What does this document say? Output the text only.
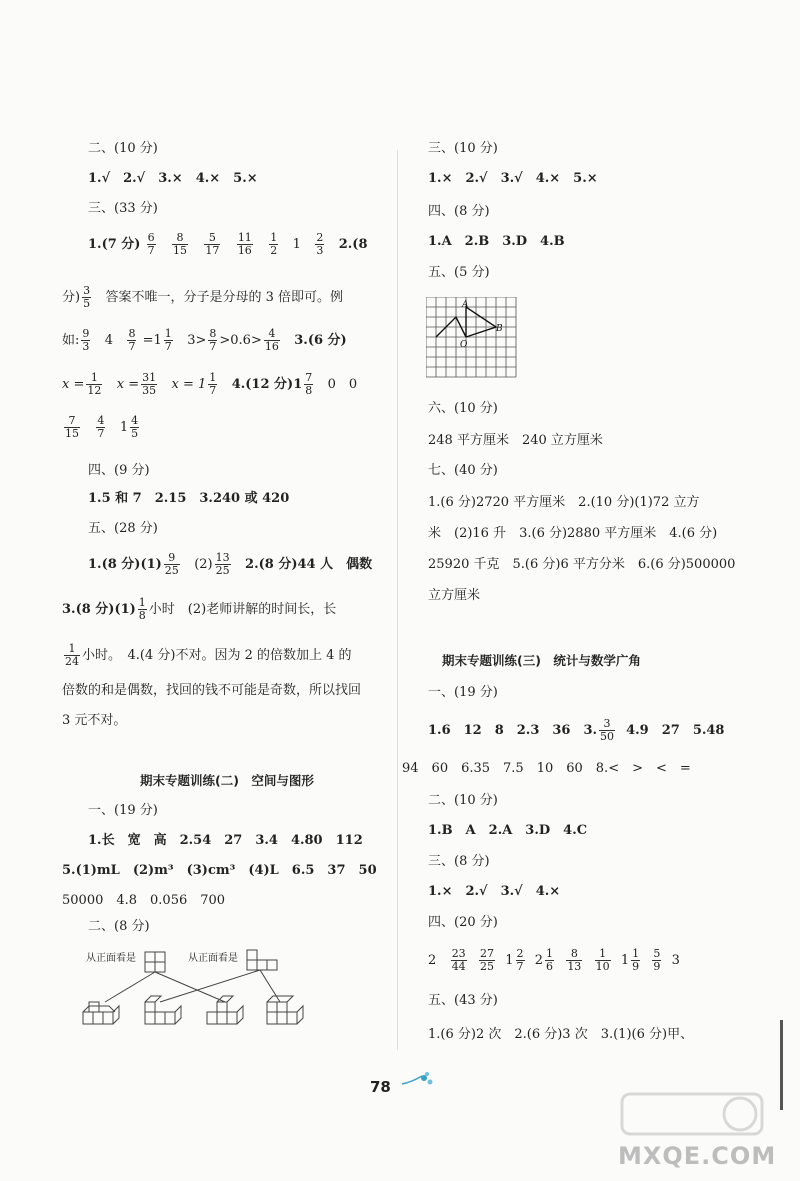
二、(10 分)
1.√　2.√　3.×　4.×　5.×
三、(33 分)
1.(7 分) $\frac{6}{7}$
$\frac{8}{15}$
$\frac{5}{17}$
$\frac{11}{16}$
$\frac{1}{2} 1 \frac{2}{3} 2.(8$
分) $\frac{3}{5}$ 答案不唯一，分子是分母的 3 倍即可。例
如: $\frac{9}{3} 4 \frac{8}{7} =1 \frac{1}{7} 3> \frac{8}{7} >0.6> \frac{4}{16} 3.(6$ 分)
$x = \frac{1}{12}$ $x = \frac{31}{35}$ $x = 1 \frac{1}{7} 4.(12$ 分)$1 \frac{7}{8} 0$　0
$\frac{7}{15}$
$\frac{4}{7} 1 \frac{4}{5}$
四、(9 分)
1.5 和 7　2.15　3.240 或 420
五、(28 分)
1.(8 分)$(1) \frac{9}{25} (2) \frac{13}{25} 2.(8$ 分)44 人　偶数
3.(8 分)$(1) \frac{1}{8}$ 小时　(2)老师讲解的时间长，长
$\frac{1}{24}$ 小时。　4.(4 分)不对。因为 2 的倍数加上 4 的
倍数的和是偶数，找回的钱不可能是奇数，所以找回
3 元不对。
期末专题训练(二)　空间与图形
一、(19 分)
1.长　宽　高　2.54　27　3.4　4.80　112
5.(1)mL　(2)m³　(3)cm³　(4)L　6.5　37　50
50000　4.8　0.056　700
二、(8 分)
从正面看是	从正面看是
三、(10 分)
1.×　2.√　3.√　4.×　5.×
四、(8 分)
1.A　2.B　3.D　4.B
五、(5 分)
A
B
O
六、(10 分)
248 平方厘米　240 立方厘米
七、(40 分)
1.(6 分)2720 平方厘米　2.(10 分)(1)72 立方
米　(2)16 升　3.(6 分)2880 平方厘米　4.(6 分)
25920 千克　5.(6 分)6 平方分米　6.(6 分)500000
立方厘米
期末专题训练(三)　统计与数学广角
一、(19 分)
1.6　12　8　2.3　36　3. $\frac{3}{50} 4.9$　27　5.48
94　60　6.35　7.5　10　60　8.<　>　<　=
二、(10 分)
1.B　A　2.A　3.D　4.C
三、(8 分)
1.×　2.√　3.√　4.×
四、(20 分)
$2 \frac{23}{44}$
$\frac{27}{25} 1 \frac{2}{7} 2 \frac{1}{6}$
$\frac{8}{13}$
$\frac{1}{10} 1 \frac{1}{9}$
$\frac{5}{9} 3$
五、(43 分)
1.(6 分)2 次　2.(6 分)3 次　3.(1)(6 分)甲、
78
MXQE.COM
